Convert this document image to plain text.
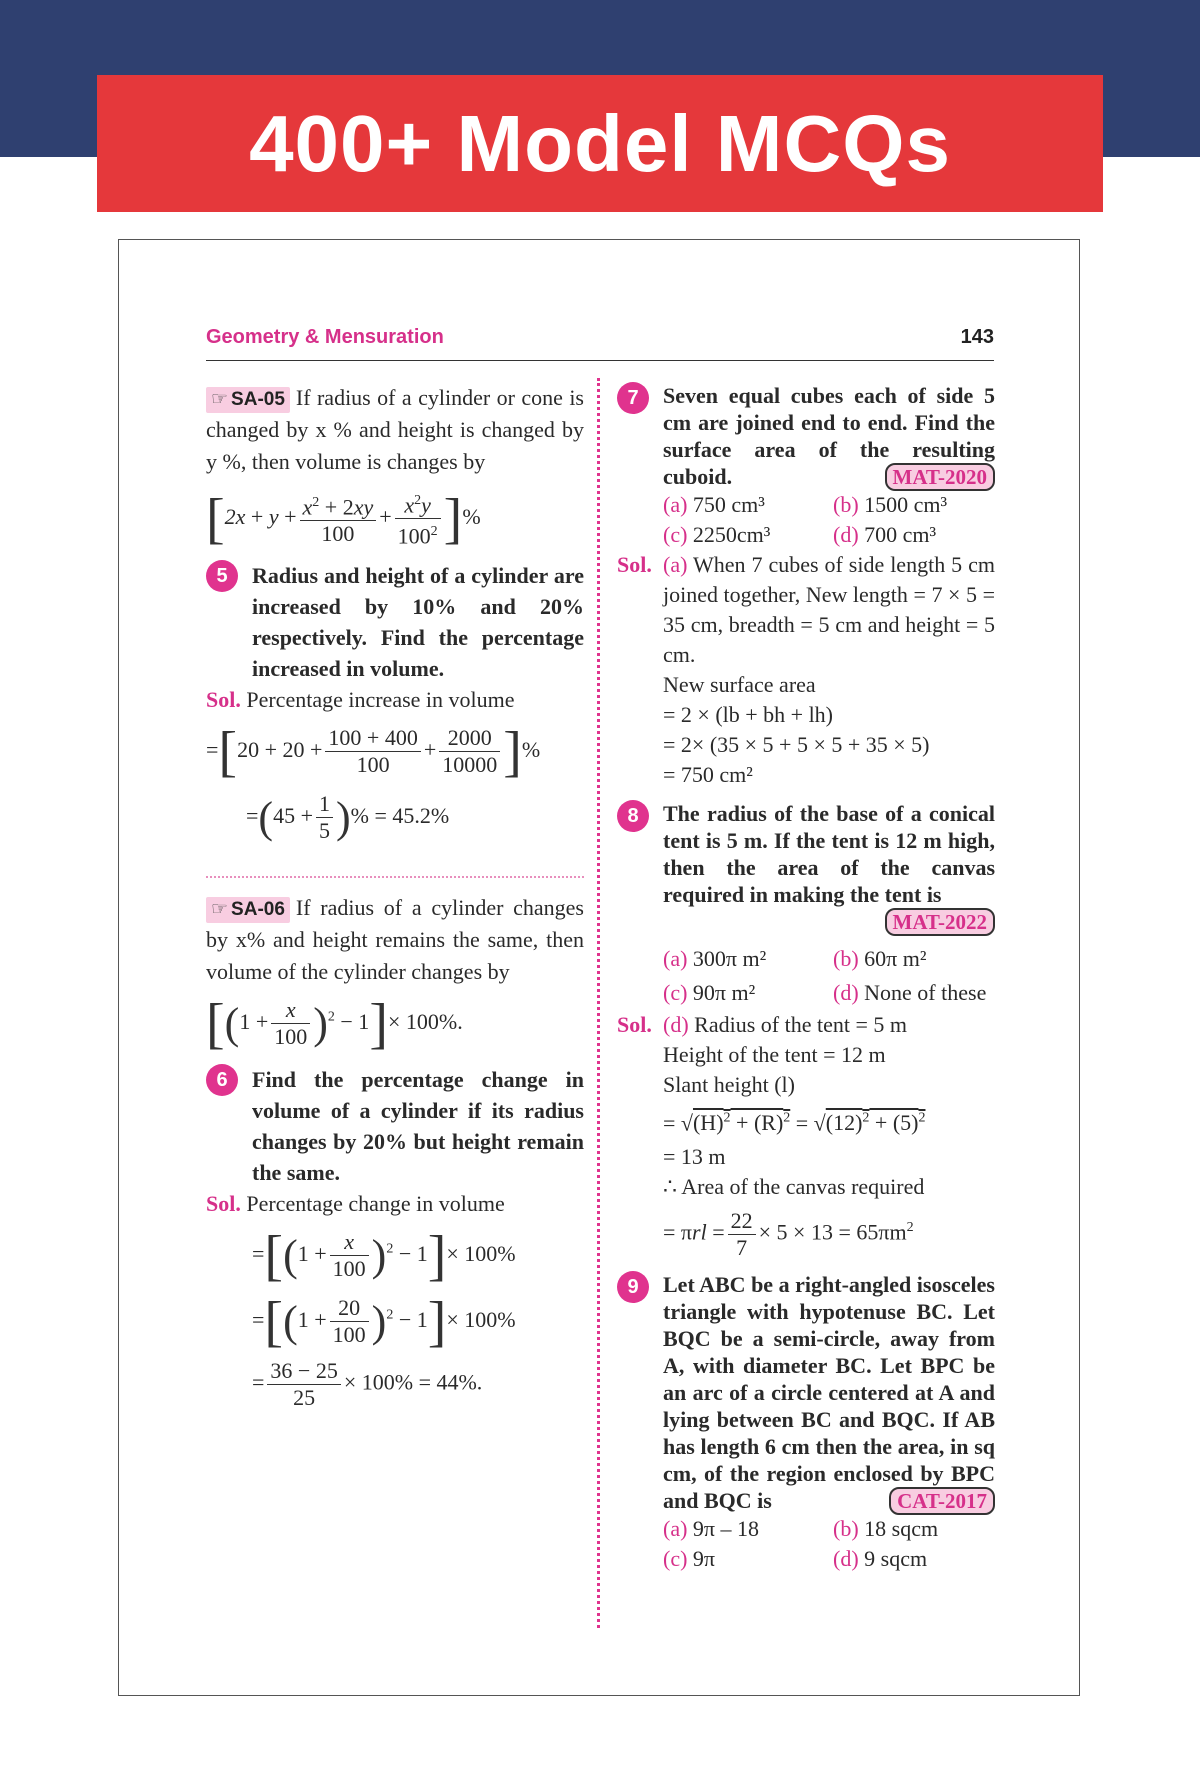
400+ Model MCQs
Geometry & Mensuration	143
☞ SA-05 If radius of a cylinder or cone is changed by x % and height is changed by y %, then volume is changes by
[$2x + y + \frac{x^2 + 2xy}{100} + \frac{x^2y}{100^2}$ ]%
5	Radius and height of a cylinder are increased by 10% and 20% respectively. Find the percentage increased in volume.
Sol. Percentage increase in volume
$=[20 + 20 + \frac{100 + 400}{100} + \frac{2000}{10000}$ ]%
$=(45 + \frac{1}{5}$ )% = 45.2%
☞ SA-06 If radius of a cylinder changes by x% and height remains the same, then volume of the cylinder changes by
$[(1 + \frac{x}{100} )^2 - 1]\times 100\%$.
6	Find the percentage change in volume of a cylinder if its radius changes by 20% but height remain the same.
Sol. Percentage change in volume
$=[(1 + \frac{x}{100} )^2 - 1]\times 100\%$
$=[(1 + \frac{20}{100} )^2 - 1]\times 100\%$
= $\frac{36 - 25}{25} \times 100\% = 44\%$.
7	Seven equal cubes each of side 5 cm are joined end to end. Find the surface area of the resulting cuboid.	MAT-2020
(a) 750 cm³	(b) 1500 cm³
(c) 2250cm³	(d) 700 cm³
Sol. (a) When 7 cubes of side length 5 cm joined together, New length = 7 × 5 = 35 cm, breadth = 5 cm and height = 5 cm.
New surface area
= 2 × (lb + bh + lh)
= 2× (35 × 5 + 5 × 5 + 35 × 5)
= 750 cm²
8	The radius of the base of a conical tent is 5 m. If the tent is 12 m high, then the area of the canvas required in making the tent is
MAT-2022
(a) 300π m²	(b) 60π m²
(c) 90π m²	(d) None of these
Sol. (d) Radius of the tent = 5 m
Height of the tent = 12 m
Slant height (l)

= $√(H)^2 + (R)^2 = √(12)^2 + (5)^2$
= 13 m
∴ Area of the canvas required
= $\pi rl = \frac{22}{7} \times 5 \times 13 = 65\pi m^2$
9	Let ABC be a right-angled isosceles triangle with hypotenuse BC. Let BQC be a semi-circle, away from A, with diameter BC. Let BPC be an arc of a circle centered at A and lying between BC and BQC. If AB has length 6 cm then the area, in sq cm, of the region enclosed by BPC and BQC is	CAT-2017
(a) 9π – 18	(b) 18 sqcm
(c) 9π	(d) 9 sqcm
